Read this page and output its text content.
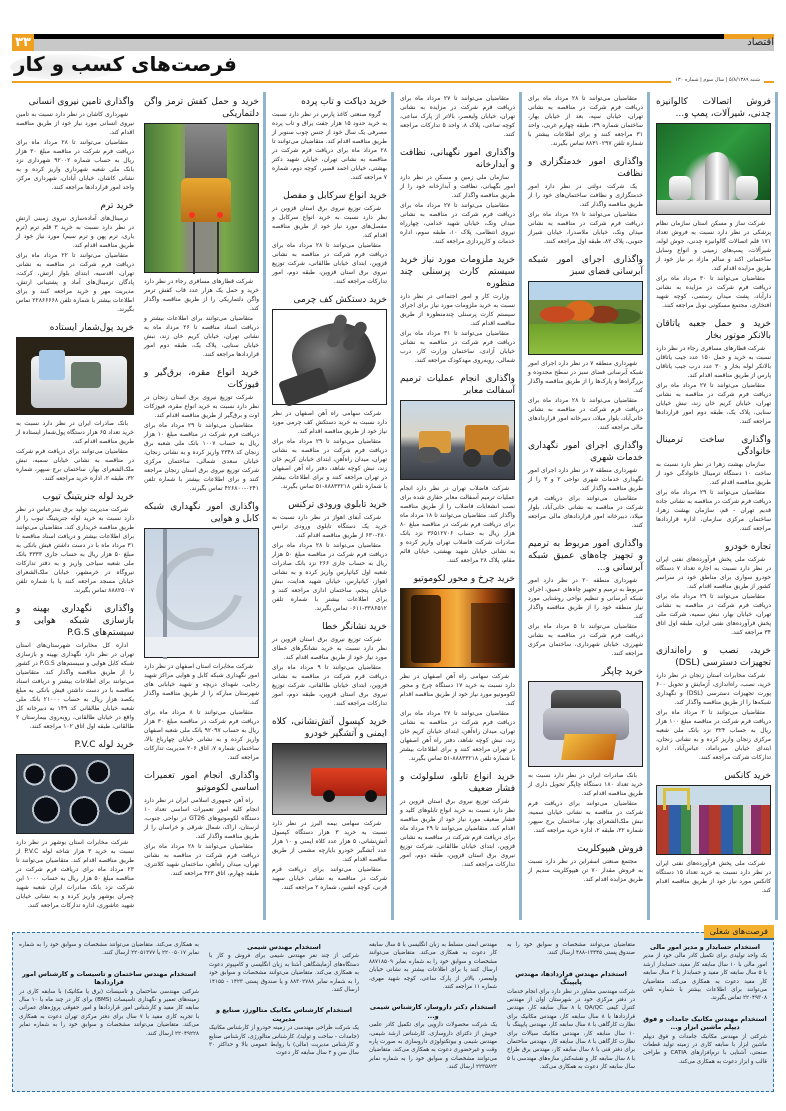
۳۳	اقتصاد
فرصت‌های کسب و کار
شنبه ۵/۸/۱۳۸۹ | سال سوم | شماره ۱۳۰
فروش اتصالات کالوانیزه چدنی، شیرآلات، پمپ و...

شرکت ساز و مسکن استان سازمان نظام پزشکی در نظر دارد نسبت به فروش تعداد ۱۷۱ قلم اتصالات گالوانیزه چدنی، جوش لوله، شیرآلات، پمپ‌های زمینی و انواع وسایل ساختمانی اکند و سالم مازاد بر نیاز خود از طریق مزایده اقدام کند.

متقاضیان می‌توانند تا ۳۰ مرداد ماه برای دریافت فرم شرکت در مزایده به نشانی دارآباد، پشت میدان رستمی، کوچه شهید افتخاری، مجتمع مسکونی نوبل مراجعه کنند.

خرید و حمل جعبه یاتاقان بالانکر موتور بخار

شرکت قطارهای مسافری رجاء در نظر دارد نسبت به خرید و حمل ۱۵۰ عدد جیب یاتاقان بالانکر لوله بخار و ۳۰ عدد درب جیب یاتاقان پارس از طریق مناقصه اقدام کند.

متقاضیان می‌توانند تا ۲۷ مرداد ماه برای دریافت فرم شرکت در مناقصه به نشانی تهران، خیابان کریم خان زند، نبش خیابان سنایی، پلاک یک، طبقه دوم امور قراردادها مراجعه کنند.

واگذاری ساخت ترمینال خانوادگی

سازمان بهشت زهرا در نظر دارد نسبت به ساخت ۱۰ دستگاه ترمینال خانوادگی خود از طریق مناقصه اقدام کند.

متقاضیان می‌توانند تا ۲۹ مرداد ماه برای دریافت فرم شرکت در مناقصه به نشانی جاده قدیم تهران - قم، سازمان بهشت زهرا، ساختمان مرکزی سازمان، اداره قراردادها مراجعه کنند.

تجاره خودرو

شرکت ملی پخش فرآورده‌های نفتی ایران در نظر دارد نسبت به اجاره تعداد ۷ دستگاه خودرو سواری برای مناطق خود در سراسر کشور از طریق مناقصه اقدام کند.

متقاضیان می‌توانند تا ۲۹ مرداد ماه برای دریافت فرم شرکت در مناقصه به نشانی تهران، خیابان بهار، نبش سمیه، شرکت ملی پخش فرآورده‌های نفتی ایران، طبقه اول اتاق ۳۴ مراجعه کنند.

خرید، نصب و راه‌اندازی تجهیزات دسترسی (DSL)

شرکت مخابرات استان زنجان در نظر دارد خرید، نصب، راه‌اندازی، آزمایش و تحویل ۶۰۰ پورت تجهیزات دسترسی (DSL) و نگهداری شبکه‌ها را از طریق مناقصه واگذار کند.

متقاضیان می‌توانند تا ۲ مرداد ماه برای دریافت فرم شرکت در مناقصه مبلغ ۱۰۰ هزار ریال به حساب ۳۲۴ نزد بانک ملی شعبه مرکزی زنجان واریز کرده و به نشانی زنجان، ابتدای خیابان میرداماد، عباس‌آباد، اداره تدارکات شرکت مراجعه کنند.

خرید کانکس

شرکت ملی پخش فرآورده‌های نفتی ایران در نظر دارد نسبت به خرید تعداد ۱۵ دستگاه کانکس مورد نیاز خود از طریق مناقصه اقدام کند.

متقاضیان می‌توانند تا ۲۸ مرداد ماه برای دریافت فرم شرکت در مناقصه به نشانی تهران، خیابان سپه، بعد از خیابان بهار، ساختمان شماره ۳۹، طبقه چهارم غربی، واحد ۳۱ مراجعه کنند و برای اطلاعات بیشتر با شماره تلفن ۸۸۳۱۰۲۹۷ تماس بگیرند.

واگذاری امور خدمتگزاری و نظافت

یک شرکت دولتی در نظر دارد امور خدمتگزاری و نظافت ساختمان‌های خود را از طریق مناقصه واگذار کند.

متقاضیان می‌توانند تا ۲۸ مرداد ماه برای دریافت فرم شرکت در مناقصه به نشانی میدان ونک، خیابان ملاصدرا، خیابان شیراز جنوبی، پلاک ۸۲، طبقه اول مراجعه کنند.

واگذاری اجرای امور شبکه آبرسانی فضای سبز

شهرداری منطقه ۷ در نظر دارد اجرای امور شبکه آبرسانی فضای سبز در سطح محدوده و بزرگراه‌ها و پارک‌ها را از طریق مناقصه واگذار کند.

متقاضیان می‌توانند تا ۲۸ مرداد ماه برای دریافت فرم شرکت در مناقصه به نشانی خانی‌آباد، بلوار میلاد، دبیرخانه امور قراردادهای مالی مراجعه کنند.

واگذاری اجرای امور نگهداری خدمات شهری

شهرداری منطقه ۷ در نظر دارد اجرای امور نگهداری خدمات شهری نواحی ۲ و ۳ را از طریق مناقصه واگذار کند.

متقاضیان می‌توانند برای دریافت فرم شرکت در مناقصه به نشانی خانی‌آباد، بلوار میلاد، دبیرخانه امور قراردادهای مالی مراجعه کنند.

واگذاری امور مربوط به ترمیم و تجهیز چاه‌های عمیق شبکه آبرسانی و...

شهرداری منطقه ۲۰ در نظر دارد امور مربوط به ترمیم و تجهیز چاه‌های عمیق، اجرای شبکه آبرسانی و تنظیم نواحی روشنایی مورد نیاز منطقه خود را از طریق مناقصه واگذار کند.

متقاضیان می‌توانند تا ۵ مرداد ماه برای دریافت فرم شرکت در مناقصه به نشانی شهرری، خیابان شهرداری، ساختمان مرکزی مراجعه کنند.

خرید چاپگر

بانک صادرات ایران در نظر دارد نسبت به خرید تعداد ۱۸۰ دستگاه چاپگر تحویل داری از طریق مناقصه اقدام کند.

متقاضیان می‌توانند برای دریافت فرم شرکت در مناقصه به نشانی خیابان سمیه، نبش ملک‌الشعرای بهار، ساختمان برج سپهر، شماره ۳۲، طبقه ۲، اداره خرید مراجعه کنند.

فروش هیپوکلریت

مجتمع صنعتی اسفراین در نظر دارد نسبت به فروش مقدار ۷۰ تن هیپوکلریت سدیم از طریق مزایده اقدام کند.

متقاضیان می‌توانند تا ۲۷ مرداد ماه برای دریافت فرم شرکت در مزایده به نشانی تهران، خیابان ولیعصر، بالاتر از پارک ساعی، کوچه ساعی، پلاک ۸، واحد ۵ تدارکات مراجعه کنند.

واگذاری امور نگهبانی، نظافت و آبدارخانه

سازمان ملی زمین و مسکن در نظر دارد امور نگهبانی، نظافت و آبدارخانه خود را از طریق مناقصه واگذار کند.

متقاضیان می‌توانند تا ۲۷ مرداد ماه برای دریافت فرم شرکت در مناقصه به نشانی میدان ونک، خیابان شهید خدامی، چهارراه نیروی انتظامی، پلاک ۱۰، طبقه سوم، اداره خدمات و کارپردازی مراجعه کنند.

خرید ملزومات مورد نیاز خرید سیستم کارت پرسنلی چند منظوره

وزارت کار و امور اجتماعی در نظر دارد نسبت به خرید ملزومات مورد نیاز برای اجرای سیستم کارت پرسنلی چندمنظوره از طریق مناقصه اقدام کند.

متقاضیان می‌توانند تا ۳۱ مرداد ماه برای دریافت فرم شرکت در مناقصه به نشانی خیابان آزادی، ساختمان وزارت کار، درب شمالی، روبه‌روی مهدکودک مراجعه کنند.

واگذاری انجام عملیات ترمیم آسفالت معابر

شرکت فاضلاب تهران در نظر دارد انجام عملیات ترمیم آسفالت معابر حفاری شده برای نصب انشعابات فاضلاب را از طریق مناقصه واگذار کند. متقاضیان می‌توانند تا ۱۸ مرداد ماه برای دریافت فرم شرکت در مناقصه مبلغ ۸۰ هزار ریال به حساب ۳۶۵۱۲۷۰۶ نزد بانک صادرات شرکت فاضلاب تهران واریز کرده و به نشانی خیابان شهید بهشتی، خیابان قائم مقام، پلاک ۲۸ مراجعه کنند.

خرید چرخ و محور لکوموتیو

شرکت سهامی راه آهن اصفهان در نظر دارد نسبت به خرید ۱۷ دستگاه چرخ و محور لکوموتیو مورد نیاز خود از طریق مناقصه اقدام کند.

متقاضیان می‌توانند تا ۲۷ مرداد ماه برای دریافت فرم شرکت در مناقصه به نشانی تهران، میدان راه‌آهن، ابتدای خیابان کریم خان زند، نبش کوچه شاهد، دفتر راه آهن اصفهان در تهران مراجعه کنند و برای اطلاعات بیشتر با شماره تلفن ۸۸۸۳۳۲۱۸-۵۱ تماس بگیرند.

خرید انواع تابلو، سلولوئت و فشار ضعیف

شرکت توزیع نیروی برق استان قزوین در نظر دارد نسبت به خرید انواع تابلوهای کلید و فشار ضعیف مورد نیاز خود از طریق مناقصه اقدام کند. متقاضیان می‌توانند تا ۲۹ مرداد ماه برای دریافت فرم شرکت در مناقصه به نشانی قزوین، ابتدای خیابان طالقانی، شرکت توزیع نیروی برق استان قزوین، طبقه دوم، امور تدارکات مراجعه کنند.

خرید دیاکت و تاب پرده

گروه صنعتی کاغذ پارس در نظر دارد نسبت به خرید حدود ۱۵ هزار جفت یراق و تاب پرده مصرفی یک سال خود از جنس چوب سنوبر از طریق مناقصه اقدام کند. متقاضیان می‌توانند تا ۲۸ مرداد ماه برای دریافت فرم شرکت در مناقصه به نشانی تهران، خیابان شهید دکتر بهشتی، خیابان احمد قصیر، کوچه دوم، شماره ۷ مراجعه کنند.

خرید انواع سرکابل و مفصل

شرکت توزیع نیروی برق استان قزوین در نظر دارد نسبت به خرید انواع سرکابل و مفصل‌های مورد نیاز خود از طریق مناقصه اقدام کند.

متقاضیان می‌توانند تا ۲۸ مرداد ماه برای دریافت فرم شرکت در مناقصه به نشانی قزوین، ابتدای خیابان طالقانی، شرکت توزیع نیروی برق استان قزوین، طبقه دوم، امور تدارکات مراجعه کنند.

خرید دستکش کف چرمی

شرکت سهامی راه آهن اصفهان در نظر دارد نسبت به خرید دستکش کف چرمی مورد نیاز خود از طریق مناقصه اقدام کند.

متقاضیان می‌توانند تا ۲۹ مرداد ماه برای دریافت فرم شرکت در مناقصه به نشانی تهران، میدان راه‌آهن، ابتدای خیابان کریم خان زند، نبش کوچه شاهد، دفتر راه آهن اصفهان در تهران مراجعه کنند و برای اطلاعات بیشتر با شماره تلفن ۸۸۸۳۳۲۱۸-۵۱ تماس بگیرند.

خرید تابلوی ورودی ترکنس

شرکت آبفای اهواز در نظر دارد نسبت به خرید یک دستگاه تابلوی ورودی ترانس ۲۸۰-۶۳۰ از طریق مناقصه اقدام کند.

متقاضیان می‌توانند تا ۲۸ مرداد ماه برای دریافت فرم شرکت در مناقصه مبلغ ۵۰ هزار ریال به حساب جاری ۲۶۶ نزد بانک صادرات شعبه اول کیانپارس واریز کرده و به نشانی اهواز، کیانپارس، خیابان شهید هدایت، نبش خیابان پنجم، ساختمان اداری مراجعه کنند و برای اطلاعات بیشتر با شماره تلفن ۳۳۸۶۵۱۲-۰۶۱۱ تماس بگیرند.

خرید نشانگر خطا

شرکت توزیع نیروی برق استان قزوین در نظر دارد نسبت به خرید نشانگرهای خطای مورد نیاز خود از طریق مناقصه اقدام کند.

متقاضیان می‌توانند تا ۹ مرداد ماه برای دریافت فرم شرکت در مناقصه به نشانی قزوین، ابتدای خیابان طالقانی، شرکت توزیع نیروی برق استان قزوین، طبقه دوم، امور تدارکات مراجعه کنند.

خرید کپسول آتش‌نشانی، کلاه ایمنی و آتشگیر خودرو

شرکت سهامی بیمه البرز در نظر دارد نسبت به خرید ۳ هزار دستگاه کپسول آتش‌نشانی، ۵ هزار عدد کلاه ایمنی و ۱۰ هزار عدد آتشگیر خودرو بایارچه مشمی از طریق مناقصه اقدام کند.

متقاضیان می‌توانند برای دریافت فرم شرکت در مناقصه به نشانی خیابان سهید قرنی، کوچه انشین، شماره ۲ مراجعه کنند.

خرید و حمل کفش ترمز واگن دلتماریکی

شرکت قطارهای مسافری رجاء در نظر دارد خرید و حمل یک هزار عدد قاب کفش ترمز واگن دلتماریکی را از طریق مناقصه واگذار کند.

متقاضیان می‌توانند برای اطلاعات بیشتر و دریافت اسناد مناقصه تا ۲۶ مرداد ماه به نشانی تهران، خیابان کریم خان زند، نبش خیابان سنایی، پلاک یک، طبقه دوم امور قراردادها مراجعه کنند.

خرید انواع مقره، برق‌گیر و فیوزکات

شرکت توزیع نیروی برق استان زنجان در نظر دارد نسبت به خرید انواع مقره، فیوزکات اوت و برق‌گیر از طریق مناقصه اقدام کند.

متقاضیان می‌توانند تا ۲۹ مرداد ماه برای دریافت فرم شرکت در مناقصه مبلغ ۱۰ هزار ریال به حساب ۱۰۰۷ بانک ملی شعبه برق زنجان کد ۲۳۴۸ واریز کرده و به نشانی زنجان، خیابان سعدی شمالی، ساختمان مرکزی شرکت توزیع نیروی برق استان زنجان مراجعه کنند و برای اطلاعات بیشتر با شماره تلفن ۰۲۴۱-۴۲۶۸۰۰ تماس بگیرند.

واگذاری امور نگهداری شبکه کابل و هوایی

شرکت مخابرات استان اصفهان در نظر دارد امور نگهداری شبکه کابل و هوایی مراکز شهید رجایی، شهدای دریچه و شهید خیابانی های شهرستان مبارکه را از طریق مناقصه واگذار کند.

متقاضیان می‌توانند تا ۸ مرداد ماه برای دریافت فرم شرکت در مناقصه مبلغ ۳۰ هزار ریال به حساب ۹۲۰۹۷ بانک ملی شعبه اصفهان واریز کرده و به نشانی خیابان چهارباغ بالا، ساختمان شماره ۷، اتاق ۲۰۶ مدیریت تدارکات مراجعه کنند.

واگذاری انجام امور تعمیرات اساسی لکوموتیو

راه آهن جمهوری اسلامی ایران در نظر دارد انجام کلیه امور تعمیرات اساسی تعداد ۱۰ دستگاه لکوموتیوهای GT26 در نواحی جنوب، لرستان، اراک، شمال شرقی و خراسان را از طریق مناقصه واگذار کند.

متقاضیان می‌توانند تا ۲۸ مرداد ماه برای دریافت فرم شرکت در مناقصه به نشانی تهران، میدان راه‌آهن، ساختمان شهید کلانتری، طبقه چهارم، اتاق ۴۲۳ مراجعه کنند.

واگذاری تامین نیروی انسانی

شهرداری کاشان در نظر دارد نسبت به تامین نیروی انسانی مورد نیاز خود از طریق مناقصه اقدام کند.

متقاضیان می‌توانند تا ۲۸ مرداد ماه برای دریافت فرم شرکت در مناقصه مبلغ ۳۰ هزار ریال به حساب شماره ۹۲۰۰۲ شهرداری نزد بانک ملی شعبه شهرداری واریز کرده و به نشانی کاشان، خیابان آبادان، شهرداری مرکز، واحد امور قراردادها مراجعه کنند.

خرید ترم

ترمینال‌های آماده‌سازی نیروی زمینی ارتش در نظر دارد نسبت به خرید ۳ قلم ترم (ترم یاری، ترم پهن و ترم سیم) مورد نیاز خود از طریق مناقصه اقدام کند.

متقاضیان می‌توانند تا ۲۲ مرداد ماه برای دریافت فرم شرکت در مناقصه به نشانی تهران، اقدسیه، ابتدای بلوار ارتش، کرکت، پادگان ترمینال‌های آماد و پشتیبانی ارتش، مدیریت مهر و خرید مراجعه کنند و برای اطلاعات بیشتر با شماره تلفن ۲۲۸۶۶۶۶۸ تماس بگیرند.

خرید پول‌شمار ایستاده

بانک صادرات ایران در نظر دارد نسبت به خرید تعداد ۶۵ هزار دستگاه پول‌شمار ایستاده از طریق مناقصه اقدام کند.

متقاضیان می‌توانند برای دریافت فرم شرکت در مناقصه به نشانی خیابان سمیه، نبش ملک‌الشعرای بهار، ساختمان برج سپهر، شماره ۳۲، طبقه ۲، اداره خرید مراجعه کنند.

خرید لوله جنریتینگ تیوب

شرکت مدیریت تولید برق بندرعباس در نظر دارد نسبت به خرید لوله جنریتینگ تیوب را از طریق مناقصه خریداری کند. متقاضیان می‌توانند برای اطلاعات بیشتر و دریافت اسناد مناقصه تا ۳۱ مرداد ماه با در دست داشتن فیش بانکی به مبلغ ۵۰ هزار ریال به حساب جاری ۳۳۳۳ بانک ملی شعبه سیاحی واریز و به دفتر تدارکات نیروگاه در خرمشهر، خیابان ملک‌الشعرای خیابان مسجد مراجعه کنند یا با شماره تلفن ۸۸۸۲۵۰۰۷ تماس بگیرند.

واگذاری نگهداری بهینه و بازسازی شبکه هوایی و سیستم‌های P.G.S

اداره کل مخابرات شهرستان‌های استان تهران در نظر دارد نگهداری بهینه و بازسازی شبکه کابل هوایی و سیستم‌های P.G.S در کشور را از طریق مناقصه واگذار کند. متقاضیان می‌توانند برای اطلاعات بیشتر و دریافت اسناد مناقصه با در دست داشتن فیش بانکی به مبلغ یکصد هزار ریال به حساب ۲۱۰۰۰ بانک ملی شعبه خیابان طالقانی کد ۱۴۹ به دبیرخانه کل واقع در خیابان طالقانی، روبه‌روی بیمارستان ۲ طالقانی، طبقه اول اتاق ۱۰۲ مراجعه کنند.

خرید لوله P.V.C

شرکت مخابرات استان بوشهر در نظر دارد نسبت به خرید ۳ هزار شاخه لوله P.V.C از طریق مناقصه اقدام کند. متقاضیان می‌توانند تا ۲۳ مرداد ماه برای دریافت فرم شرکت در مناقصه مبلغ ۵۰ هزار ریال به حساب ۱۰۰۰ این شرکت نزد بانک صادرات ایران شعبه شهید چمران بوشهر واریز کرده و به نشانی خیابان شهید عاشوری، اداره تدارکات مراجعه کنند.

فرصت‌های شغلی
استخدام حسابدار و مدیر امور مالی
یک واحد تولیدی برای تکمیل کادر مالی خود از مدیر امور مالی با ۱۰ سال سابقه کار مفید، حسابدار ارشد با ۵ سال سابقه کار مفید و حسابدار با ۳ سال سابقه کار مفید دعوت به همکاری می‌کند. متقاضیان می‌توانند برای اطلاعات بیشتر با شماره تلفن ۲۲۰۴۹۳۰۸ تماس بگیرند.
استخدام مهندس مکانیک جامدات و فوق دیپلم ماشین ابزار و...
شرکتی از مهندس مکانیک جامدات و فوق دیپلم ماشین ابزار با سابقه کاری در زمینه تولید قطعات صنعتی، آشنایی با نرم‌افزارهای CATIA و طراحی قالب و ابزار دعوت به همکاری می‌کند.
متقاضیان می‌توانند مشخصات و سوابق خود را به صندوق پستی ۱۳۴۴۵-۴۸۸ ارسال کنند.
استخدام مهندس قراردادها، مهندس پایپینگ
شرکت مهندسی مشاور در نظر دارد برای انجام خدمات در دفتر مرکزی خود در شهرستان اوان از مهندس کنترل کیفی QA/QC با ۸ سال سابقه کار، مهندس قراردادها با ۸ سال سابقه کار، مهندس مکانیک برای نظارت کارگاهی با ۸ سال سابقه کار، مهندس پایپینگ با ۱۰ سال سابقه کار، مهندس مکانیک سیالات برای نظارت کارگاهی با ۸ سال سابقه کار، مهندس ساختمان برای دفتر فنی با ۸ سال سابقه کار، مهندس برق طراح با ۸ سال سابقه کار و نقشه‌کش سازه‌های مهندسی با ۵ سال سابقه کار دعوت به همکاری می‌کند.
مهندس ایمنی مسلط به زبان انگلیسی با ۵ سال سابقه کار دعوت به همکاری می‌کند. متقاضیان می‌توانند مشخصات و سوابق خود را به شماره نمابر ۸۸۷۱۸۵۰۹ ارسال کنند یا برای اطلاعات بیشتر به نشانی خیابان ولیعصر، بالاتر از پارک ساعی، کوچه شهید مهری، شماره ۱۱ مراجعه کنند.
استخدام دکتر داروساز، کارشناس شیمی و...
یک شرکت محصولات دارویی برای تکمیل کادر علمی خویش از دکترای داروسازی، کارشناس ارشد شیمی، مهندس شیمی و بیوتکنولوژی داروسازی به صورت پاره وقت و غیرحضوری دعوت به همکاری می‌کند. متقاضیان می‌توانند مشخصات و سوابق خود را به شماره نمابر ۲۲۳۵۸۲۲ ارسال کنند.
استخدام مهندس شیمی
شرکتی از چند نفر مهندس شیمی برای فروش و کار با دستگاه‌های آزمایشگاهی آشنا به زبان انگلیسی و کامپیوتر دعوت به همکاری می‌کند. متقاضیان می‌توانند مشخصات و سوابق خود را به شماره نمابر ۸۸۳۰۲۷۸۸ و یا صندوق پستی ۱۴۲۳ - ۱۴۱۵۵ ارسال کنند.
استخدام کارشناس مکانیک متالورژ، صنایع و مدیریت
یک شرکت طراحی مهندسی در زمینه خودرو از کارشناس مکانیک (جامدات - ساخت و تولید)، کارشناس متالورژی، کارشناس صنایع و کارشناس مدیریت (مالی) با روابط عمومی بالا و حداکثر ۳۰ سال سن و ۲ سال سابقه کار دعوت
به همکاری می‌کند. متقاضیان می‌توانند مشخصات و سوابق خود را به شماره نمابر ۲۲۰۰۵۰۱۷ یا ۲۲۰۵۱۳۷۷ ارسال کنند.
استخدام مهندس ساختمان و تاسیسات و کارشناس امور قراردادها
شرکتی مهندسی ساختمان و تاسیسات (برق یا مکانیک) با سابقه کاری در زمینه‌های تعمیر و نگهداری تاسیسات (BMS) برای کار در چند ماه با ۱۰ سال سابقه کار مفید و کارشناس امور قراردادها و امور حقوقی پروژه‌های عمرانی با تجربه کاری مفید با ۷ سال برای دفتر مرکزی تهران دعوت به همکاری می‌کند. متقاضیان می‌توانند مشخصات و سوابق خود را به شماره نمابر ۲۲۰۴۹۲۲۸ ارسال کنند.
